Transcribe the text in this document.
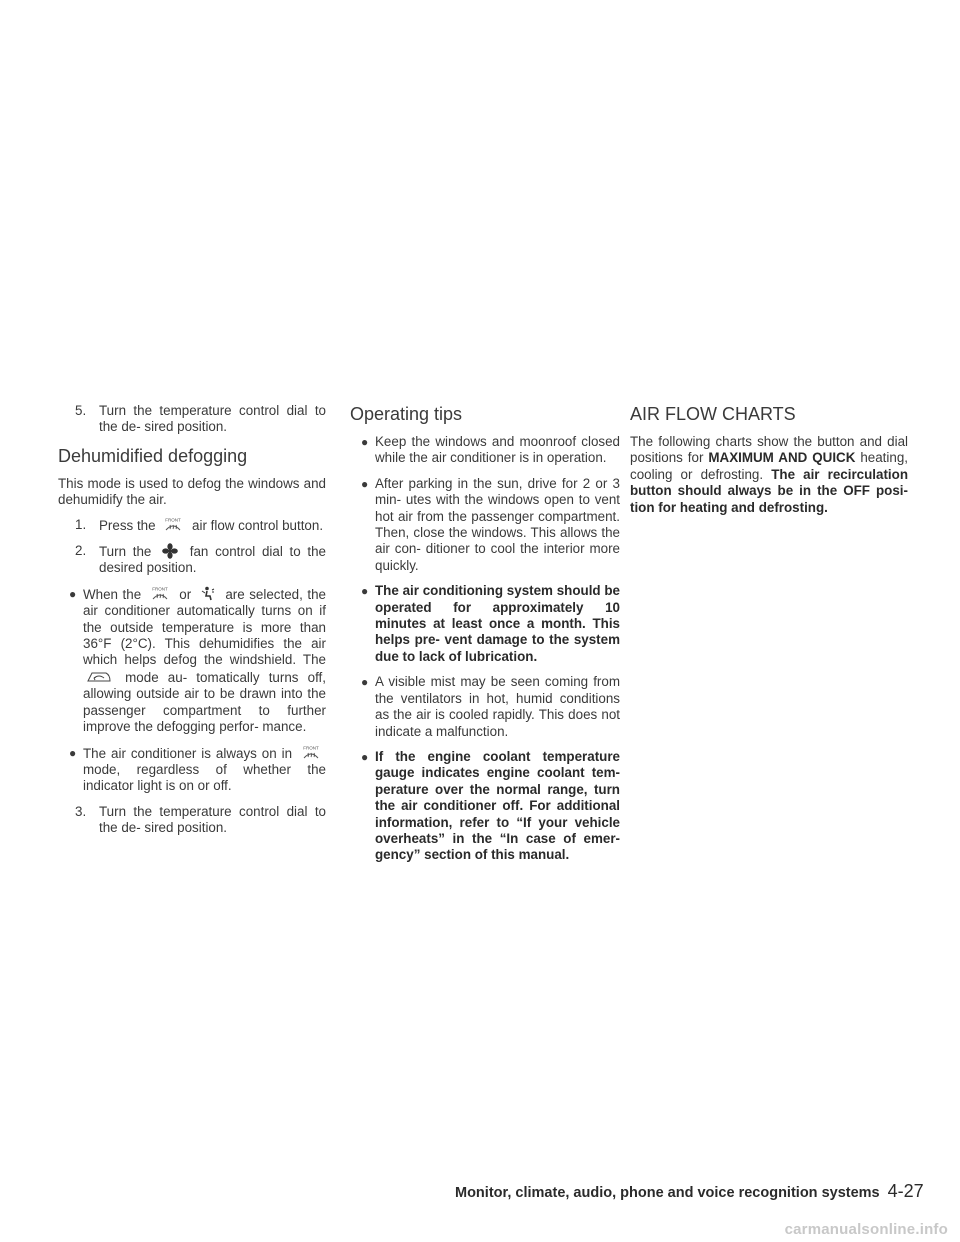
5. Turn the temperature control dial to the de- sired position.
Dehumidified defogging

This mode is used to defog the windows and dehumidify the air.

1. Press the FRONT air flow control button.
2. Turn the	fan control dial to the desired position.
● When the FRONT or	are selected, the air conditioner automatically turns on if the outside temperature is more than 36°F (2°C). This dehumidifies the air which helps defog the windshield. The
mode au- tomatically turns off, allowing outside air to be drawn into the passenger compartment to further improve the defogging perfor- mance.
● The air conditioner is always on in FRONT
mode, regardless of whether the indicator light is on or off.
3. Turn the temperature control dial to the de- sired position.
Operating tips
● Keep the windows and moonroof closed while the air conditioner is in operation.
● After parking in the sun, drive for 2 or 3 min- utes with the windows open to vent hot air from the passenger compartment. Then, close the windows. This allows the air con- ditioner to cool the interior more quickly.
● The air conditioning system should be operated for approximately 10 minutes at least once a month. This helps pre- vent damage to the system due to lack of lubrication.
● A visible mist may be seen coming from the ventilators in hot, humid conditions as the air is cooled rapidly. This does not indicate a malfunction.
● If the engine coolant temperature gauge indicates engine coolant tem- perature over the normal range, turn the air conditioner off. For additional information, refer to “If your vehicle overheats” in the “In case of emer- gency” section of this manual.
AIR FLOW CHARTS

The following charts show the button and dial positions for MAXIMUM AND QUICK heating, cooling or defrosting. The air recirculation button should always be in the OFF posi- tion for heating and defrosting.

Monitor, climate, audio, phone and voice recognition systems 4-27
carmanualsonline.info
